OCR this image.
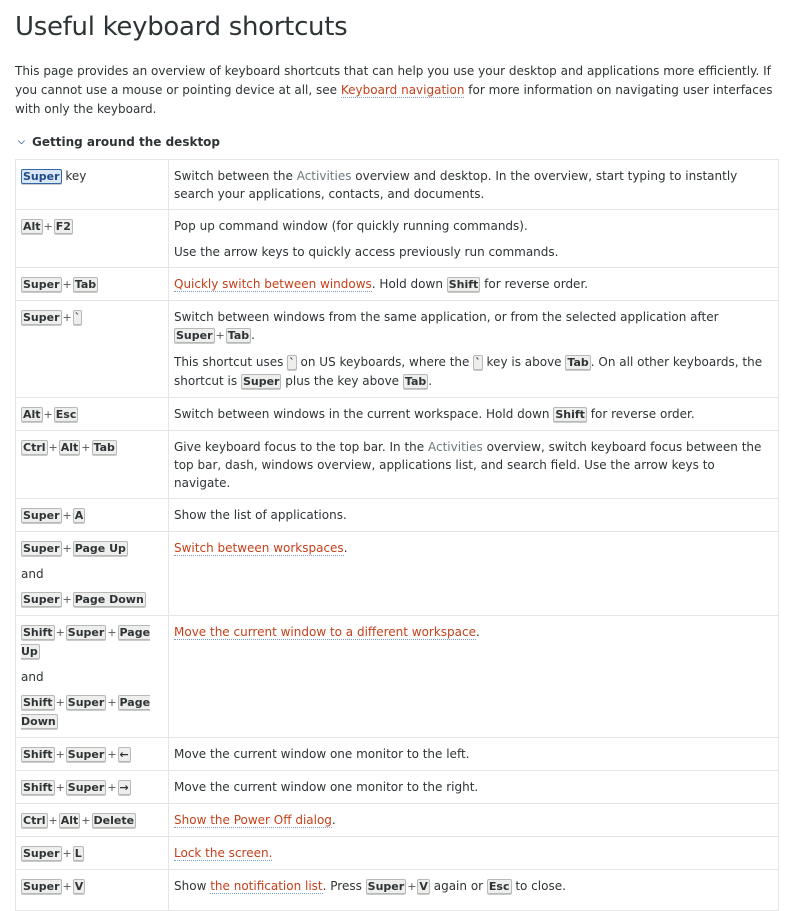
Useful keyboard shortcuts

This page provides an overview of keyboard shortcuts that can help you use your desktop and applications more efficiently. If you cannot use a mouse or pointing device at all, see Keyboard navigation for more information on navigating user interfaces with only the keyboard.

⌵ Getting around the desktop
Super key	Switch between the Activities overview and desktop. In the overview, start typing to instantly search your applications, contacts, and documents.

Alt + F2	Pop up command window (for quickly running commands).

Use the arrow keys to quickly access previously run commands.

Super + Tab	Quickly switch between windows. Hold down Shift for reverse order.

Super + `	Switch between windows from the same application, or from the selected application after Super + Tab .

This shortcut uses ` on US keyboards, where the ` key is above Tab . On all other keyboards, the shortcut is Super plus the key above Tab .

Alt + Esc	Switch between windows in the current workspace. Hold down Shift for reverse order.

Ctrl + Alt + Tab	Give keyboard focus to the top bar. In the Activities overview, switch keyboard focus between the top bar, dash, windows overview, applications list, and search field. Use the arrow keys to navigate.

Super + A	Show the list of applications.

Super + Page Up

and

Super + Page Down	Switch between workspaces.

Shift + Super + Page Up

and

Shift + Super + Page Down	Move the current window to a different workspace.

Shift + Super + ←	Move the current window one monitor to the left.

Shift + Super + →	Move the current window one monitor to the right.

Ctrl + Alt + Delete	Show the Power Off dialog.

Super + L	Lock the screen.

Super + V	Show the notification list. Press Super + V again or Esc to close.
